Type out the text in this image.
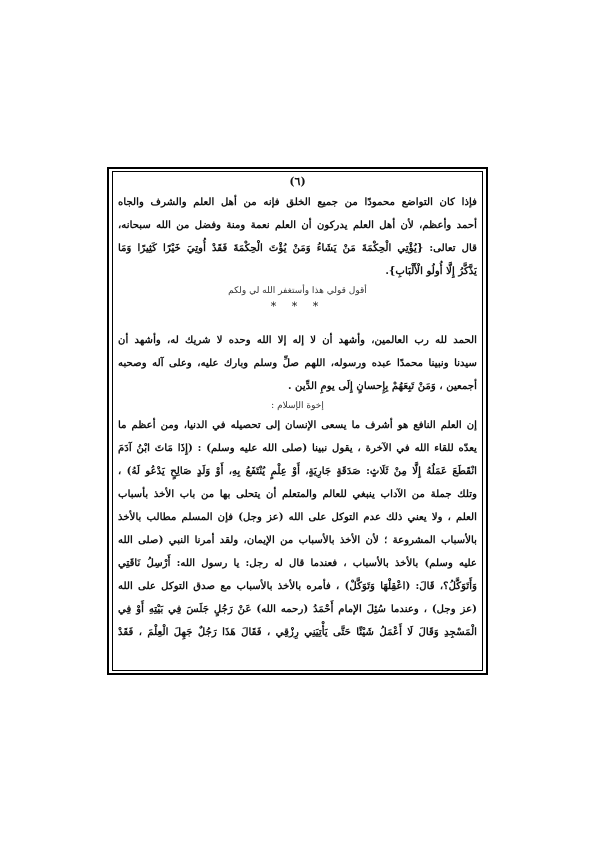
(٦)
فإذا كان التواضع محمودًا من جميع الخلق فإنه من أهل العلم والشرف والجاه
أحمد وأعظم، لأن أهل العلم يدركون أن العلم نعمة ومنة وفضل من الله سبحانه،
قال تعالى: {يُؤْتِي الْحِكْمَةَ مَنْ يَشَاءُ وَمَنْ يُؤْتَ الْحِكْمَةَ فَقَدْ أُوتِيَ خَيْرًا كَثِيرًا وَمَا
يَذَّكَّرُ إِلَّا أُولُو الْأَلْبَابِ}.
أقول قولي هذا وأستغفر الله لي ولكم
* * *
الحمد لله رب العالمين، وأشهد أن لا إله إلا الله وحده لا شريك له، وأشهد أن
سيدنا ونبينا محمدًا عبده ورسوله، اللهم صلِّ وسلم وبارك عليه، وعلى آله وصحبه
أجمعين ، وَمَنْ تَبِعَهُمْ بِإِحسانٍ إِلَى يومِ الدِّين .
إخوة الإسلام :
إن العلم النافع هو أشرف ما يسعى الإنسان إلى تحصيله في الدنيا، ومن أعظم ما
يعدّه للقاء الله في الآخرة ، يقول نبينا (صلى الله عليه وسلم) : (إِذَا مَاتَ ابْنُ آدَمَ
انْقَطَعَ عَمَلُهُ إِلَّا مِنْ ثَلَاثٍ: صَدَقَةٍ جَارِيَةٍ، أَوْ عِلْمٍ يُنْتَفَعُ بِهِ، أَوْ وَلَدٍ صَالِحٍ يَدْعُو لَهُ) ،
وتلك جملة من الآداب ينبغي للعالم والمتعلم أن يتحلى بها من باب الأخذ بأسباب
العلم ، ولا يعني ذلك عدم التوكل على الله (عز وجل) فإن المسلم مطالب بالأخذ
بالأسباب المشروعة ؛ لأن الأخذ بالأسباب من الإيمان، ولقد أمرنا النبي (صلى الله
عليه وسلم) بالأخذ بالأسباب ، فعندما قال له رجل: يا رسول الله: أَرْسِلُ نَاقَتِي
وَأَتَوَكَّلُ؟، قَالَ: (اعْقِلْهَا وَتَوَكَّلْ) ، فأمره بالأخذ بالأسباب مع صدق التوكل على الله
(عز وجل) ، وعندما سُئِلَ الإمام أَحْمَدُ (رحمه الله) عَنْ رَجُلٍ جَلَسَ فِي بَيْتِهِ أَوْ فِي
الْمَسْجِدِ وَقَالَ لَا أَعْمَلُ شَيْئًا حَتَّى يَأْتِيَنِي رِزْقِي ، فَقَالَ هَذَا رَجُلٌ جَهِلَ الْعِلْمَ ، فَقَدْ
